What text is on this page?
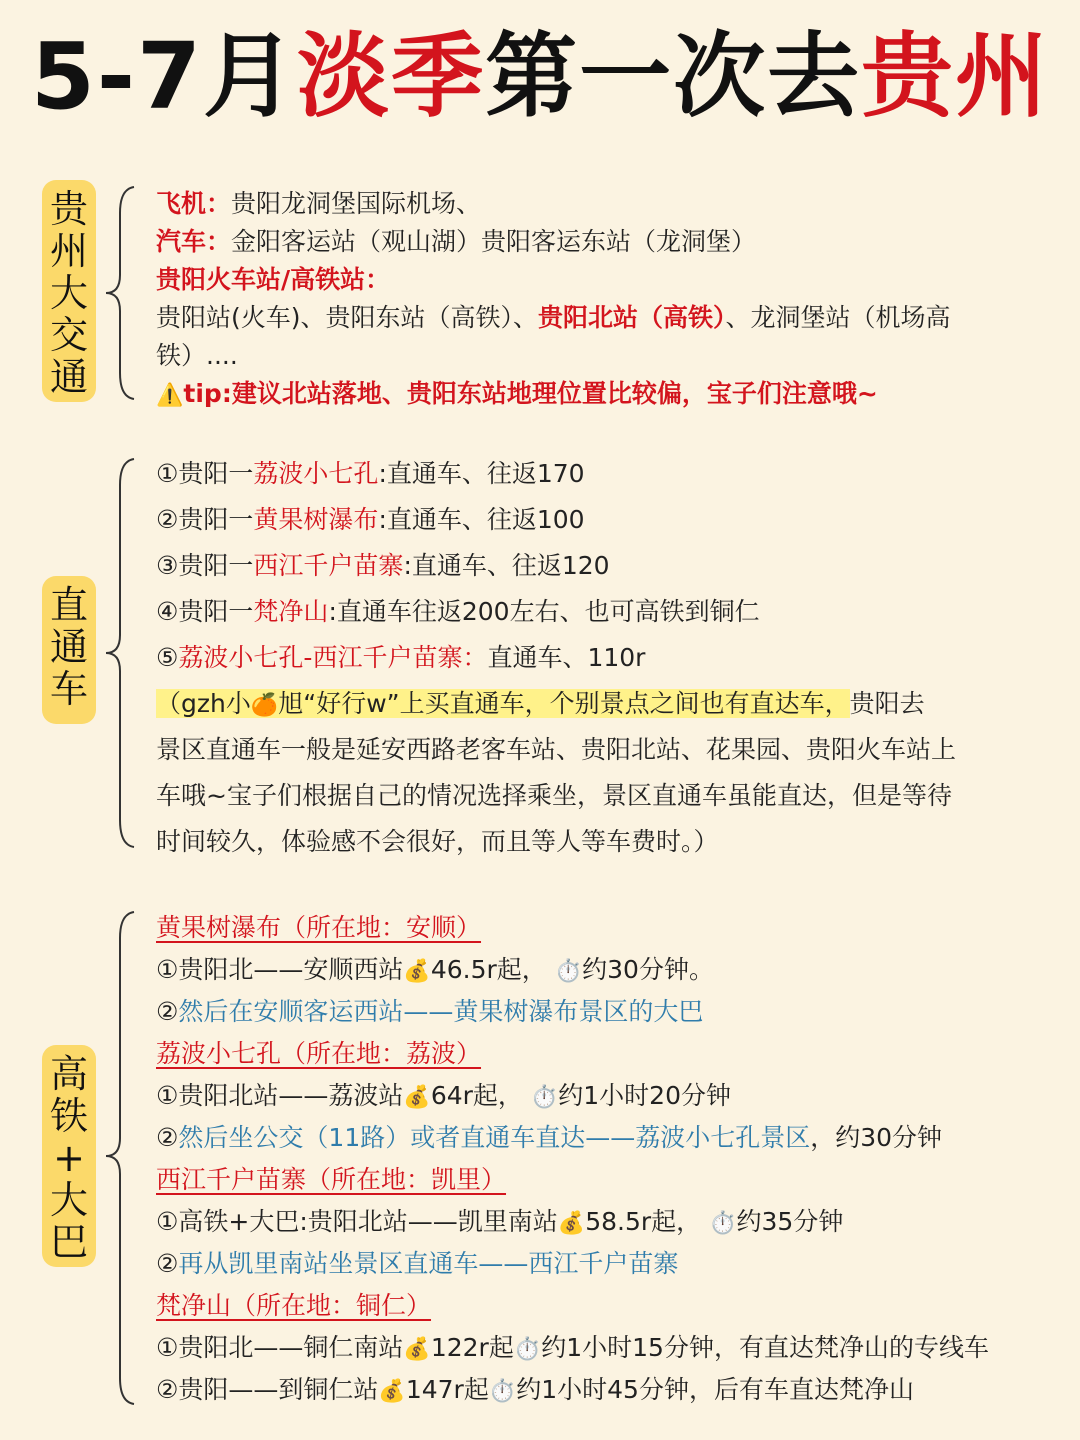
5-7月淡季第一次去贵州
贵
州
大
交
通
飞机：贵阳龙洞堡国际机场、
汽车：金阳客运站（观山湖）贵阳客运东站（龙洞堡）
贵阳火车站/高铁站：
贵阳站(火车)、贵阳东站（高铁）、贵阳北站（高铁）、龙洞堡站（机场高
铁）....
⚠️tip:建议北站落地、贵阳东站地理位置比较偏，宝子们注意哦~
直
通
车
①贵阳一荔波小七孔:直通车、往返170
②贵阳一黄果树瀑布:直通车、往返100
③贵阳一西江千户苗寨:直通车、往返120
④贵阳一梵净山:直通车往返200左右、也可高铁到铜仁
⑤荔波小七孔-西江千户苗寨：直通车、110r
（gzh小🍊旭“好行w”上买直通车，个别景点之间也有直达车，贵阳去
景区直通车一般是延安西路老客车站、贵阳北站、花果园、贵阳火车站上
车哦~宝子们根据自己的情况选择乘坐，景区直通车虽能直达，但是等待
时间较久，体验感不会很好，而且等人等车费时。）
高
铁
+
大
巴
黄果树瀑布（所在地：安顺）
①贵阳北——安顺西站💰46.5r起， ⏱️约30分钟。
②然后在安顺客运西站——黄果树瀑布景区的大巴
荔波小七孔（所在地：荔波）
①贵阳北站——荔波站💰64r起， ⏱️约1小时20分钟
②然后坐公交（11路）或者直通车直达——荔波小七孔景区，约30分钟
西江千户苗寨（所在地：凯里）
①高铁+大巴:贵阳北站——凯里南站💰58.5r起， ⏱️约35分钟
②再从凯里南站坐景区直通车——西江千户苗寨
梵净山（所在地：铜仁）
①贵阳北——铜仁南站💰122r起⏱️约1小时15分钟，有直达梵净山的专线车
②贵阳——到铜仁站💰147r起⏱️约1小时45分钟，后有车直达梵净山
